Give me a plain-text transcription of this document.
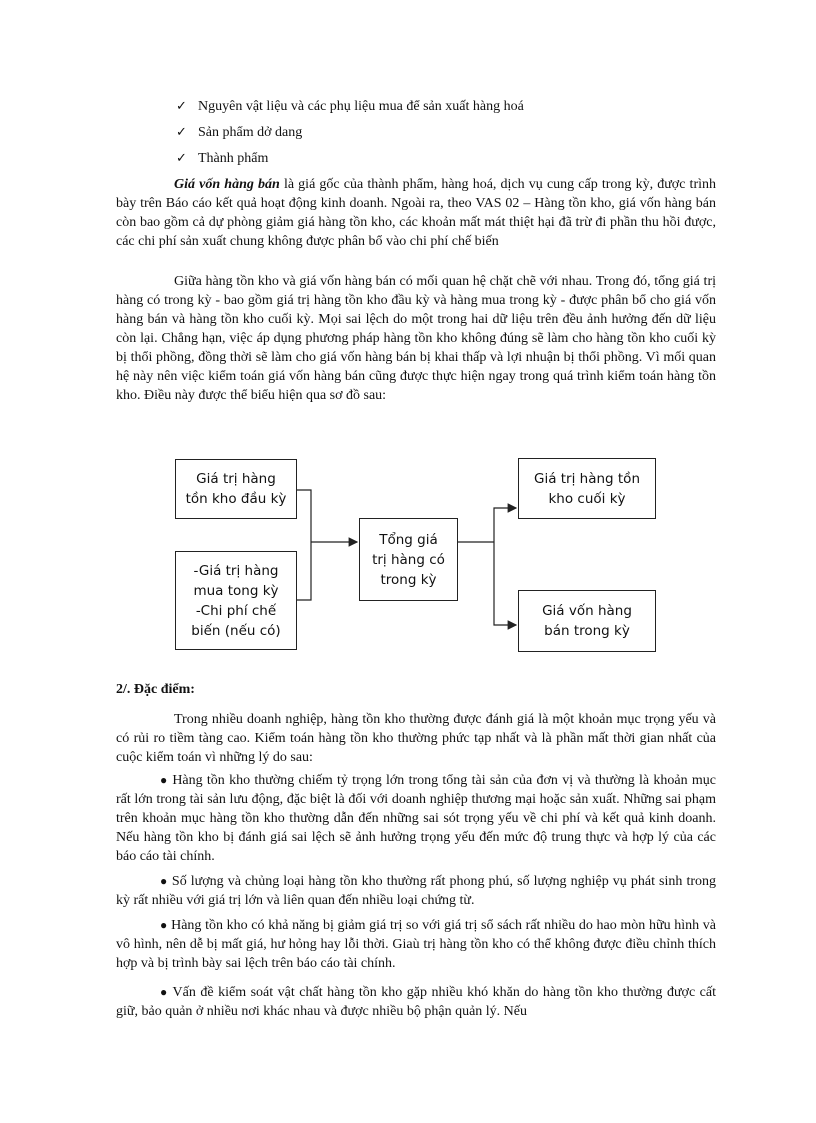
✓ Nguyên vật liệu và các phụ liệu mua để sản xuất hàng hoá
✓ Sản phẩm dở dang
✓ Thành phẩm

Giá vốn hàng bán là giá gốc của thành phẩm, hàng hoá, dịch vụ cung cấp trong kỳ, được trình bày trên Báo cáo kết quả hoạt động kinh doanh. Ngoài ra, theo VAS 02 – Hàng tồn kho, giá vốn hàng bán còn bao gồm cả dự phòng giảm giá hàng tồn kho, các khoản mất mát thiệt hại đã trừ đi phần thu hồi được, các chi phí sản xuất chung không được phân bổ vào chi phí chế biến

Giữa hàng tồn kho và giá vốn hàng bán có mối quan hệ chặt chẽ với nhau. Trong đó, tổng giá trị hàng có trong kỳ - bao gồm giá trị hàng tồn kho đầu kỳ và hàng mua trong kỳ - được phân bổ cho giá vốn hàng bán và hàng tồn kho cuối kỳ. Mọi sai lệch do một trong hai dữ liệu trên đều ảnh hưởng đến dữ liệu còn lại. Chẳng hạn, việc áp dụng phương pháp hàng tồn kho không đúng sẽ làm cho hàng tồn kho cuối kỳ bị thổi phồng, đồng thời sẽ làm cho giá vốn hàng bán bị khai thấp và lợi nhuận bị thổi phồng. Vì mối quan hệ này nên việc kiểm toán giá vốn hàng bán cũng được thực hiện ngay trong quá trình kiểm toán hàng tồn kho. Điều này được thể biểu hiện qua sơ đồ sau:

Giá trị hàng
tồn kho đầu kỳ
-Giá trị hàng
mua tong kỳ
-Chi phí chế
biến (nếu có)
Tổng giá
trị hàng có
trong kỳ
Giá trị hàng tồn
kho cuối kỳ
Giá vốn hàng
bán trong kỳ

2/. Đặc điểm:

Trong nhiều doanh nghiệp, hàng tồn kho thường được đánh giá là một khoản mục trọng yếu và có rủi ro tiềm tàng cao. Kiểm toán hàng tồn kho thường phức tạp nhất và là phần mất thời gian nhất của cuộc kiểm toán vì những lý do sau:

● Hàng tồn kho thường chiếm tỷ trọng lớn trong tổng tài sản của đơn vị và thường là khoản mục rất lớn trong tài sản lưu động, đặc biệt là đối với doanh nghiệp thương mại hoặc sản xuất. Những sai phạm trên khoản mục hàng tồn kho thường dẫn đến những sai sót trọng yếu về chi phí và kết quả kinh doanh. Nếu hàng tồn kho bị đánh giá sai lệch sẽ ảnh hưởng trọng yếu đến mức độ trung thực và hợp lý của các báo cáo tài chính.

● Số lượng và chủng loại hàng tồn kho thường rất phong phú, số lượng nghiệp vụ phát sinh trong kỳ rất nhiều với giá trị lớn và liên quan đến nhiều loại chứng từ.

● Hàng tồn kho có khả năng bị giảm giá trị so với giá trị sổ sách rất nhiều do hao mòn hữu hình và vô hình, nên dễ bị mất giá, hư hỏng hay lỗi thời. Giaù trị hàng tồn kho có thể không được điều chỉnh thích hợp và bị trình bày sai lệch trên báo cáo tài chính.

● Vấn đề kiểm soát vật chất hàng tồn kho gặp nhiều khó khăn do hàng tồn kho thường được cất giữ, bảo quản ở nhiều nơi khác nhau và được nhiều bộ phận quản lý. Nếu
